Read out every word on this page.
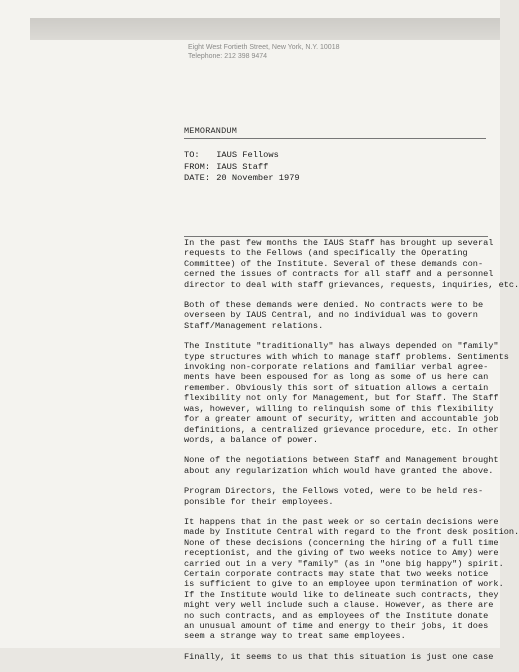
Eight West Fortieth Street, New York, N.Y. 10018
Telephone: 212 398 9474
MEMORANDUM
TO: IAUS Fellows
FROM: IAUS Staff
DATE: 20 November 1979

In the past few months the IAUS Staff has brought up several
requests to the Fellows (and specifically the Operating
Committee) of the Institute. Several of these demands con-
cerned the issues of contracts for all staff and a personnel
director to deal with staff grievances, requests, inquiries, etc.

Both of these demands were denied. No contracts were to be
overseen by IAUS Central, and no individual was to govern
Staff/Management relations.

The Institute "traditionally" has always depended on "family"
type structures with which to manage staff problems. Sentiments
invoking non-corporate relations and familiar verbal agree-
ments have been espoused for as long as some of us here can
remember. Obviously this sort of situation allows a certain
flexibility not only for Management, but for Staff. The Staff
was, however, willing to relinquish some of this flexibility
for a greater amount of security, written and accountable job
definitions, a centralized grievance procedure, etc. In other
words, a balance of power.

None of the negotiations between Staff and Management brought
about any regularization which would have granted the above.

Program Directors, the Fellows voted, were to be held res-
ponsible for their employees.

It happens that in the past week or so certain decisions were
made by Institute Central with regard to the front desk position.
None of these decisions (concerning the hiring of a full time
receptionist, and the giving of two weeks notice to Amy) were
carried out in a very "family" (as in "one big happy") spirit.
Certain corporate contracts may state that two weeks notice
is sufficient to give to an employee upon termination of work.
If the Institute would like to delineate such contracts, they
might very well include such a clause. However, as there are
no such contracts, and as employees of the Institute donate
an unusual amount of time and energy to their jobs, it does
seem a strange way to treat same employees.

Finally, it seems to us that this situation is just one case
